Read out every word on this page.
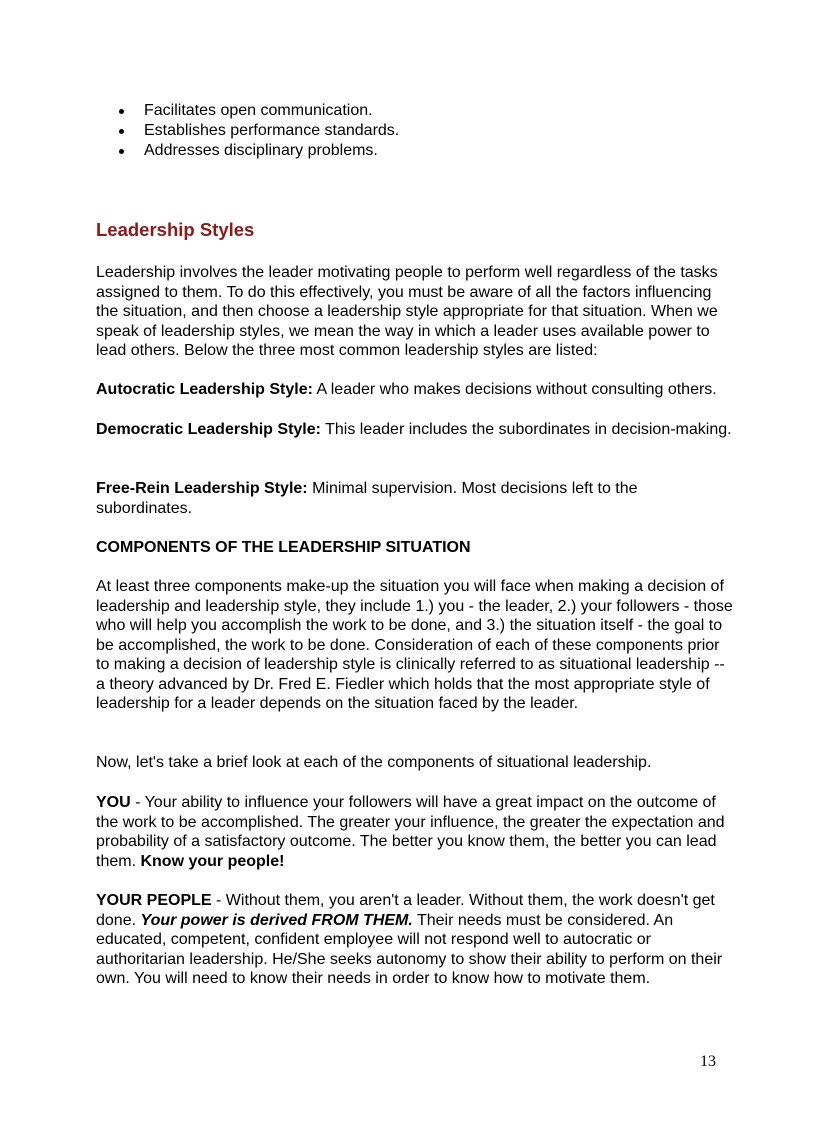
Facilitates open communication.
Establishes performance standards.
Addresses disciplinary problems.
Leadership Styles

Leadership involves the leader motivating people to perform well regardless of the tasks assigned to them. To do this effectively, you must be aware of all the factors influencing the situation, and then choose a leadership style appropriate for that situation. When we speak of leadership styles, we mean the way in which a leader uses available power to lead others. Below the three most common leadership styles are listed:

Autocratic Leadership Style: A leader who makes decisions without consulting others.

Democratic Leadership Style: This leader includes the subordinates in decision-making.

Free-Rein Leadership Style: Minimal supervision. Most decisions left to the subordinates.

COMPONENTS OF THE LEADERSHIP SITUATION

At least three components make-up the situation you will face when making a decision of leadership and leadership style, they include 1.) you - the leader, 2.) your followers - those who will help you accomplish the work to be done, and 3.) the situation itself - the goal to be accomplished, the work to be done. Consideration of each of these components prior to making a decision of leadership style is clinically referred to as situational leadership -- a theory advanced by Dr. Fred E. Fiedler which holds that the most appropriate style of leadership for a leader depends on the situation faced by the leader.

Now, let's take a brief look at each of the components of situational leadership.

YOU - Your ability to influence your followers will have a great impact on the outcome of the work to be accomplished. The greater your influence, the greater the expectation and probability of a satisfactory outcome. The better you know them, the better you can lead them. Know your people!

YOUR PEOPLE - Without them, you aren't a leader. Without them, the work doesn't get done. Your power is derived FROM THEM. Their needs must be considered. An educated, competent, confident employee will not respond well to autocratic or authoritarian leadership. He/She seeks autonomy to show their ability to perform on their own. You will need to know their needs in order to know how to motivate them.

13
